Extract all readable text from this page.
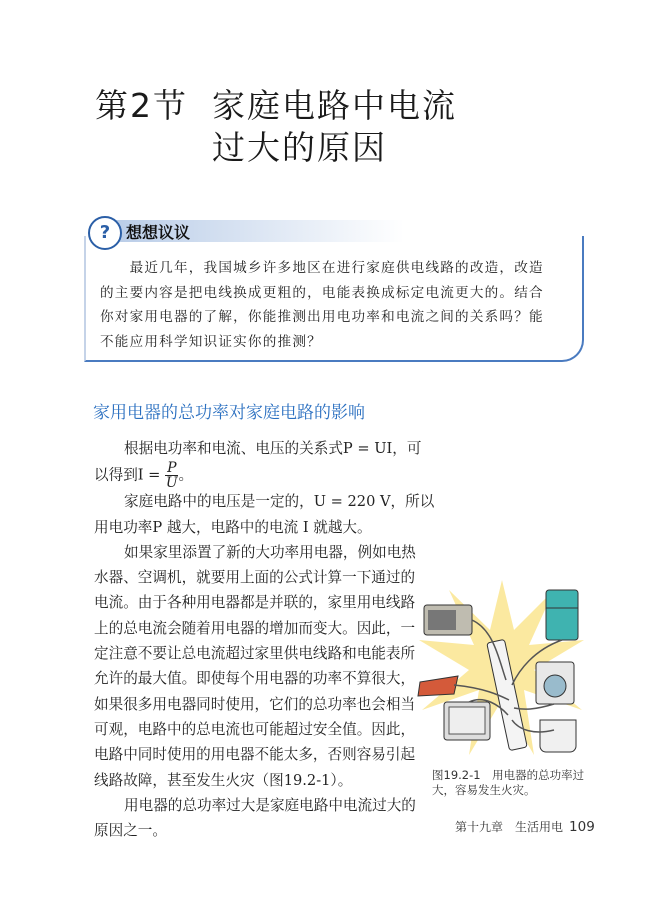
第2节 家庭电路中电流
过大的原因
? 想想议议
　　最近几年，我国城乡许多地区在进行家庭供电线路的改造，改造
的主要内容是把电线换成更粗的，电能表换成标定电流更大的。结合
你对家用电器的了解，你能推测出用电功率和电流之间的关系吗？能
不能应用科学知识证实你的推测？
家用电器的总功率对家庭电路的影响
根据电功率和电流、电压的关系式P = UI，可
以得到$I = \frac{P}{U}$ 。
家庭电路中的电压是一定的，U = 220 V，所以
用电功率P 越大，电路中的电流 I 就越大。
如果家里添置了新的大功率用电器，例如电热
水器、空调机，就要用上面的公式计算一下通过的
电流。由于各种用电器都是并联的，家里用电线路
上的总电流会随着用电器的增加而变大。因此，一
定注意不要让总电流超过家里供电线路和电能表所
允许的最大值。即使每个用电器的功率不算很大，
如果很多用电器同时使用，它们的总功率也会相当
可观，电路中的总电流也可能超过安全值。因此，
电路中同时使用的用电器不能太多，否则容易引起
线路故障，甚至发生火灾（图19.2-1）。
用电器的总功率过大是家庭电路中电流过大的
原因之一。
图19.2-1　用电器的总功率过
大，容易发生火灾。
第十九章　生活用电 109
